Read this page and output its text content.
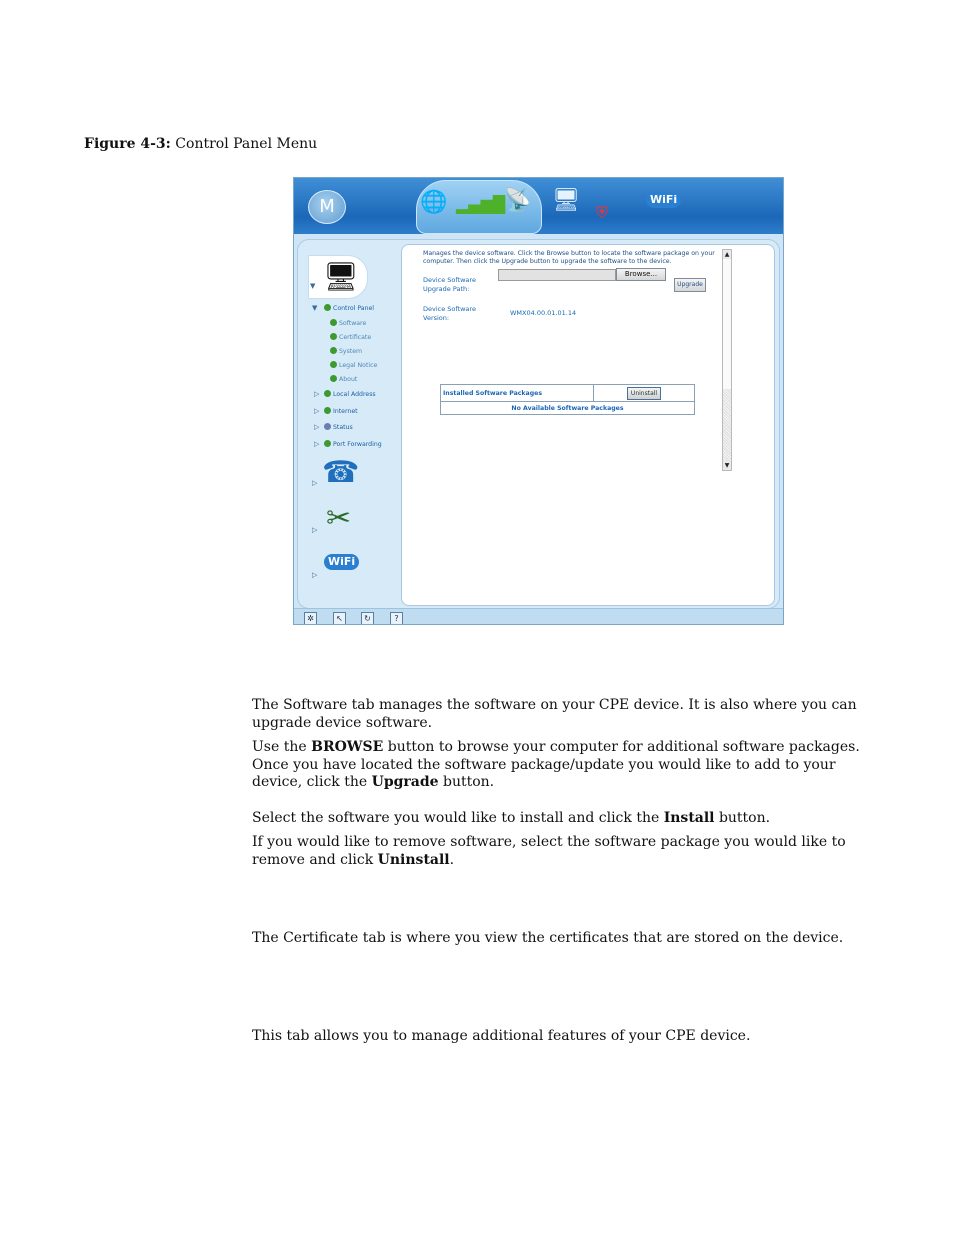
Figure 4-3: Control Panel Menu
M	🌐 ▂▄▆█
📡 🖥 ⛨
WiFi
🖥
▼
▼	Control Panel
Software
Certificate
System
Legal Notice
About
▷	Local Address
▷	Internet
▷	Status
▷	Port Forwarding
☎
▷
✂
▷
WiFi
▷
Manages the device software. Click the Browse button to locate the software package on your computer. Then click the Upgrade button to upgrade the software to the device.
Device Software Upgrade Path:
Browse...
Upgrade
Device Software Version:
WMX04.00.01.01.14
Installed Software Packages	Uninstall
No Available Software Packages
▲
▼
✲	↖	↻	?
The Software tab manages the software on your CPE device. It is also where you can upgrade device software.
Use the BROWSE button to browse your computer for additional software packages. Once you have located the software package/update you would like to add to your device, click the Upgrade button.
Select the software you would like to install and click the Install button.
If you would like to remove software, select the software package you would like to remove and click Uninstall.
The Certificate tab is where you view the certificates that are stored on the device.
This tab allows you to manage additional features of your CPE device.
